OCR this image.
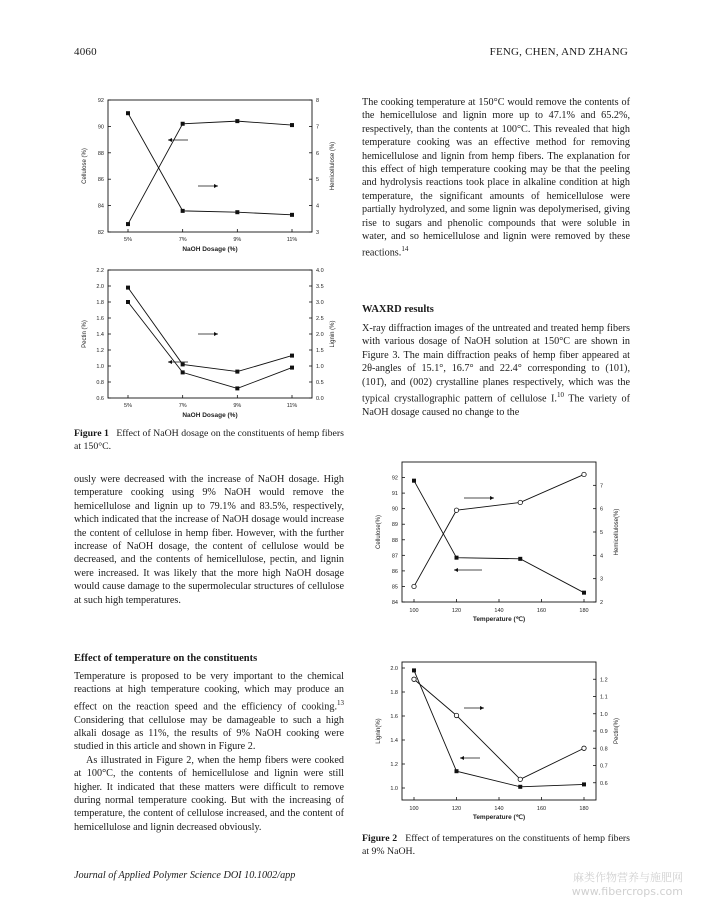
4060	FENG, CHEN, AND ZHANG
5%	7%	9%	11%
NaOH Dosage (%)
82
84
86
88
90
92
3
4
5
6
7
8
Cellulose (%)	Hemicellulose (%)
5%	7%	9%	11%
NaOH Dosage (%)
0.6
0.8
1.0
1.2
1.4
1.6
1.8
2.0
2.2
0.0
0.5
1.0
1.5
2.0
2.5
3.0
3.5
4.0
Pectin (%)	Lignin (%)
Figure 1 Effect of NaOH dosage on the constituents of hemp fibers at 150°C.

ously were decreased with the increase of NaOH dosage. High temperature cooking using 9% NaOH would remove the hemicellulose and lignin up to 79.1% and 83.5%, respectively, which indicated that the increase of NaOH dosage would increase the content of cellulose in hemp fiber. However, with the further increase of NaOH dosage, the content of cellulose would be decreased, and the contents of hemicellulose, pectin, and lignin were increased. It was likely that the more high NaOH dosage would cause damage to the supermolecular structures of cellulose at such high temperatures.

Effect of temperature on the constituents

Temperature is proposed to be very important to the chemical reactions at high temperature cooking, which may produce an effect on the reaction speed and the efficiency of cooking.$^{13}$ Considering that cellulose may be damageable to such a high alkali dosage as 11%, the results of 9% NaOH cooking were studied in this article and shown in Figure 2.

As illustrated in Figure 2, when the hemp fibers were cooked at 100°C, the contents of hemicellulose and lignin were still higher. It indicated that these matters were difficult to remove during normal temperature cooking. But with the increasing of temperature, the content of cellulose increased, and the content of hemicellulose and lignin decreased obviously.

The cooking temperature at 150°C would remove the contents of the hemicellulose and lignin more up to 47.1% and 65.2%, respectively, than the contents at 100°C. This revealed that high temperature cooking was an effective method for removing hemicellulose and lignin from hemp fibers. The explanation for this effect of high temperature cooking may be that the peeling and hydrolysis reactions took place in alkaline condition at high temperature, the significant amounts of hemicellulose were partially hydrolyzed, and some lignin was depolymerised, giving rise to sugars and phenolic compounds that were soluble in water, and so hemicellulose and lignin were removed by these reactions.$^{14}$

WAXRD results

X-ray diffraction images of the untreated and treated hemp fibers with various dosage of NaOH solution at 150°C are shown in Figure 3. The main diffraction peaks of hemp fiber appeared at 2θ-angles of 15.1°, 16.7° and 22.4° corresponding to (101), (101̄), and (002) crystalline planes respectively, which was the typical crystallographic pattern of cellulose I.$^{10}$ The variety of NaOH dosage caused no change to the

100	120	140	160	180
Temperature (℃)
84
85
86
87
88
89
90
91
92
2
3
4
5
6
7
Cellulose(%)	Hemicellulose(%)
100	120	140	160	180
Temperature (℃)
1.0
1.2
1.4
1.6
1.8
2.0
0.6
0.7
0.8
0.9
1.0
1.1
1.2
Lignin(%)	Pectin(%)
Figure 2 Effect of temperatures on the constituents of hemp fibers at 9% NaOH.
Journal of Applied Polymer Science DOI 10.1002/app	麻类作物营养与施肥网
www.fibercrops.com
